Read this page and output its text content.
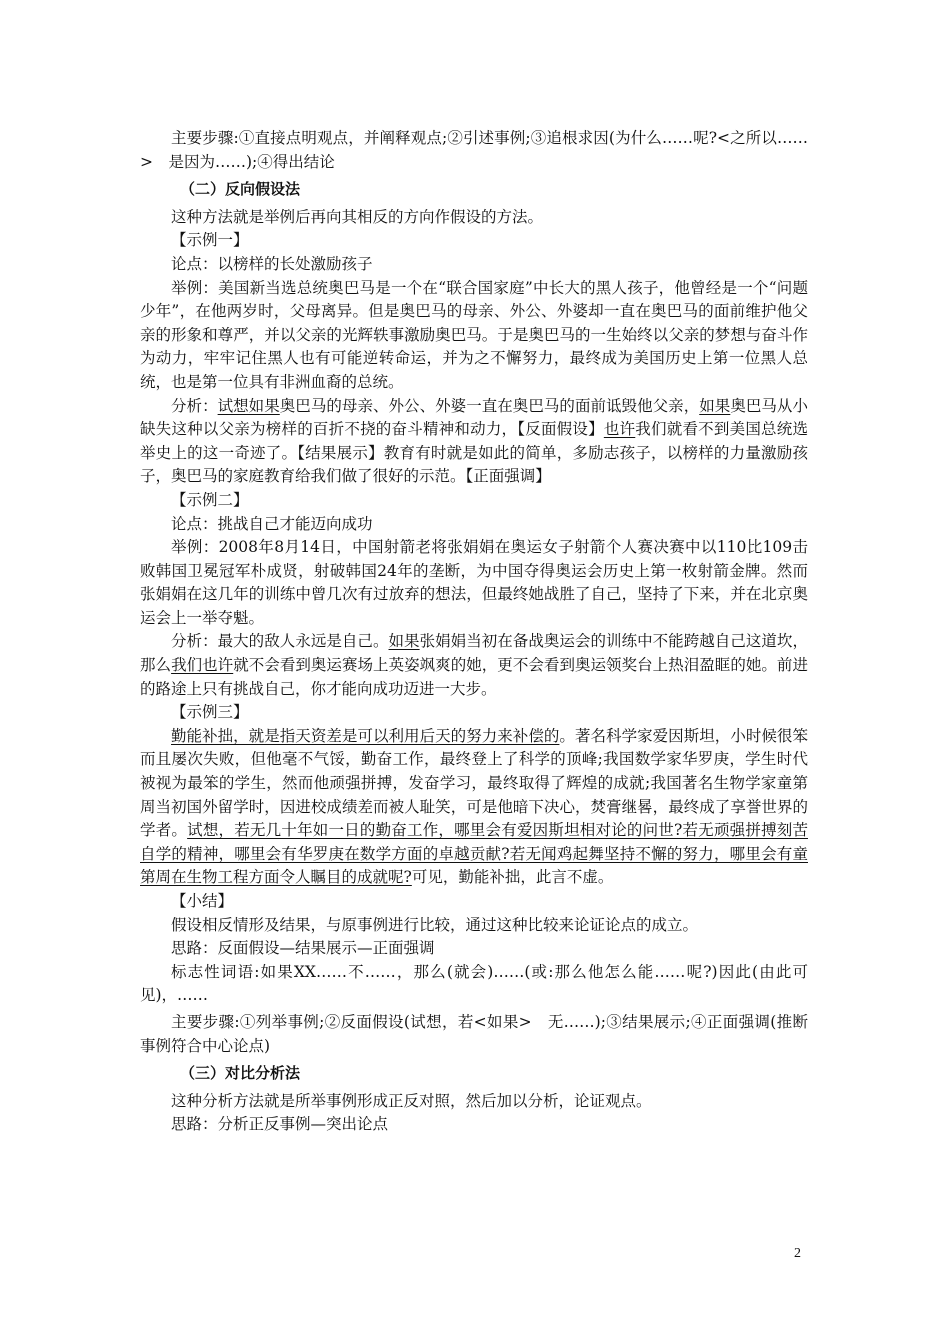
主要步骤:①直接点明观点，并阐释观点;②引述事例;③追根求因(为什么……呢?<之所以……>　是因为……);④得出结论

（二）反向假设法

这种方法就是举例后再向其相反的方向作假设的方法。

【示例一】

论点：以榜样的长处激励孩子

举例：美国新当选总统奥巴马是一个在“联合国家庭”中长大的黑人孩子，他曾经是一个“问题少年”，在他两岁时，父母离异。但是奥巴马的母亲、外公、外婆却一直在奥巴马的面前维护他父亲的形象和尊严，并以父亲的光辉轶事激励奥巴马。于是奥巴马的一生始终以父亲的梦想与奋斗作为动力，牢牢记住黑人也有可能逆转命运，并为之不懈努力，最终成为美国历史上第一位黑人总统，也是第一位具有非洲血裔的总统。

分析：试想如果奥巴马的母亲、外公、外婆一直在奥巴马的面前诋毁他父亲，如果奥巴马从小缺失这种以父亲为榜样的百折不挠的奋斗精神和动力，【反面假设】也许我们就看不到美国总统选举史上的这一奇迹了。【结果展示】教育有时就是如此的简单，多励志孩子，以榜样的力量激励孩子，奥巴马的家庭教育给我们做了很好的示范。【正面强调】

【示例二】

论点：挑战自己才能迈向成功

举例：2008年8月14日，中国射箭老将张娟娟在奥运女子射箭个人赛决赛中以110比109击败韩国卫冕冠军朴成贤，射破韩国24年的垄断，为中国夺得奥运会历史上第一枚射箭金牌。然而张娟娟在这几年的训练中曾几次有过放弃的想法，但最终她战胜了自己，坚持了下来，并在北京奥运会上一举夺魁。

分析：最大的敌人永远是自己。如果张娟娟当初在备战奥运会的训练中不能跨越自己这道坎，那么我们也许就不会看到奥运赛场上英姿飒爽的她，更不会看到奥运领奖台上热泪盈眶的她。前进的路途上只有挑战自己，你才能向成功迈进一大步。

【示例三】

勤能补拙，就是指天资差是可以利用后天的努力来补偿的。著名科学家爱因斯坦，小时候很笨而且屡次失败，但他毫不气馁，勤奋工作，最终登上了科学的顶峰;我国数学家华罗庚，学生时代被视为最笨的学生，然而他顽强拼搏，发奋学习，最终取得了辉煌的成就;我国著名生物学家童第周当初国外留学时，因进校成绩差而被人耻笑，可是他暗下决心，焚膏继晷，最终成了享誉世界的学者。试想，若无几十年如一日的勤奋工作，哪里会有爱因斯坦相对论的问世?若无顽强拼搏刻苦自学的精神，哪里会有华罗庚在数学方面的卓越贡献?若无闻鸡起舞坚持不懈的努力，哪里会有童第周在生物工程方面令人瞩目的成就呢?可见，勤能补拙，此言不虚。

【小结】

假设相反情形及结果，与原事例进行比较，通过这种比较来论证论点的成立。

思路：反面假设—结果展示—正面强调

标志性词语:如果XX……不……，那么(就会)……(或:那么他怎么能……呢?)因此(由此可见)，……

主要步骤:①列举事例;②反面假设(试想，若<如果>　无……);③结果展示;④正面强调(推断事例符合中心论点)

（三）对比分析法

这种分析方法就是所举事例形成正反对照，然后加以分析，论证观点。

思路：分析正反事例—突出论点

2
